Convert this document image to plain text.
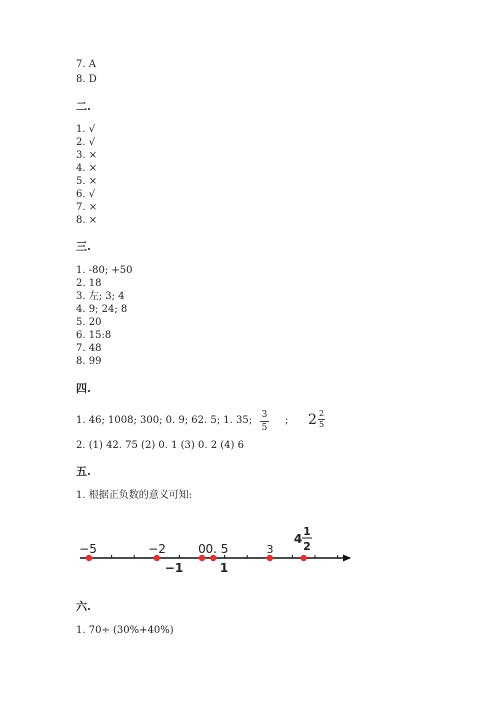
7. A
8. D
二.
1. √
2. √
3. ×
4. ×
5. ×
6. √
7. ×
8. ×
三.
1. -80; +50
2. 18
3. 左; 3; 4
4. 9; 24; 8
5. 20
6. 15:8
7. 48
8. 99
四.
1. 46; 1008; 300; 0. 9; 62. 5; 1. 35; 3
5
; 2 2
5
2. (1) 42. 75 (2) 0. 1 (3) 0. 2 (4) 6
五.
1. 根据正负数的意义可知:
−5	−2	0 0. 5	3
−1	1
4
1
2
六.
1. 70÷ (30%+40%)
